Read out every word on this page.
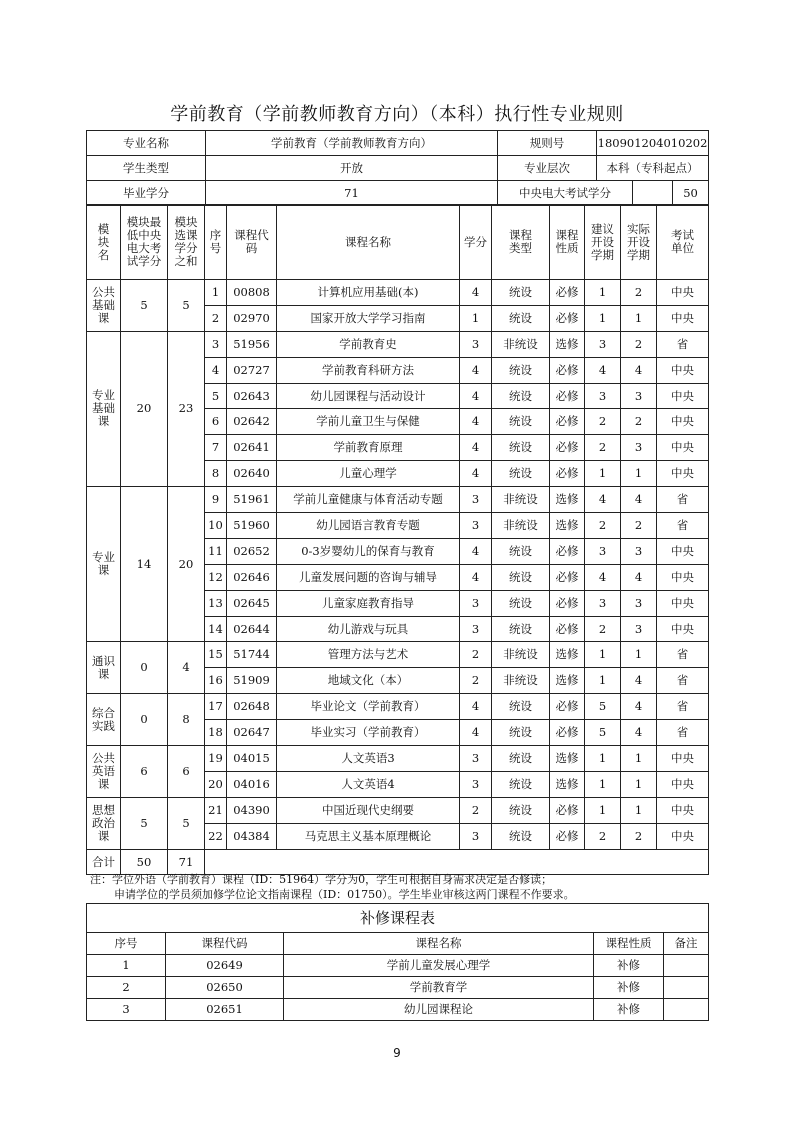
学前教育（学前教师教育方向）（本科）执行性专业规则
专业名称	学前教育（学前教师教育方向）	规则号	180901204010202		
学生类型	开放	专业层次	本科（专科起点）		
毕业学分	71	中央电大考试学分			50
模块名	模块最低中央电大考试学分	模块选课学分之和	序号	课程代码	课程名称	学分	课程类型	课程性质	建议开设学期	实际开设学期	考试单位

公共基础课	5	5	1	00808	计算机应用基础(本)	4	统设	必修	1	2	中央
			2	02970	国家开放大学学习指南	1	统设	必修	1	1	中央
专业基础课	20	23	3	51956	学前教育史	3	非统设	选修	3	2	省
			4	02727	学前教育科研方法	4	统设	必修	4	4	中央
			5	02643	幼儿园课程与活动设计	4	统设	必修	3	3	中央
			6	02642	学前儿童卫生与保健	4	统设	必修	2	2	中央
			7	02641	学前教育原理	4	统设	必修	2	3	中央
			8	02640	儿童心理学	4	统设	必修	1	1	中央
专业课	14	20	9	51961	学前儿童健康与体育活动专题	3	非统设	选修	4	4	省
			10	51960	幼儿园语言教育专题	3	非统设	选修	2	2	省
			11	02652	0-3岁婴幼儿的保育与教育	4	统设	必修	3	3	中央
			12	02646	儿童发展问题的咨询与辅导	4	统设	必修	4	4	中央
			13	02645	儿童家庭教育指导	3	统设	必修	3	3	中央
			14	02644	幼儿游戏与玩具	3	统设	必修	2	3	中央
通识课	0	4	15	51744	管理方法与艺术	2	非统设	选修	1	1	省
			16	51909	地域文化（本）	2	非统设	选修	1	4	省
综合实践	0	8	17	02648	毕业论文（学前教育）	4	统设	必修	5	4	省
			18	02647	毕业实习（学前教育）	4	统设	必修	5	4	省
公共英语课	6	6	19	04015	人文英语3	3	统设	选修	1	1	中央
			20	04016	人文英语4	3	统设	选修	1	1	中央
思想政治课	5	5	21	04390	中国近现代史纲要	2	统设	必修	1	1	中央
			22	04384	马克思主义基本原理概论	3	统设	必修	2	2	中央
合计	50	71									
注：学位外语（学前教育）课程（ID：51964）学分为0，学生可根据自身需求决定是否修读；
申请学位的学员须加修学位论文指南课程（ID：01750）。学生毕业审核这两门课程不作要求。
补修课程表				
序号	课程代码	课程名称	课程性质	备注
1	02649	学前儿童发展心理学	补修	
2	02650	学前教育学	补修	
3	02651	幼儿园课程论	补修	
9
